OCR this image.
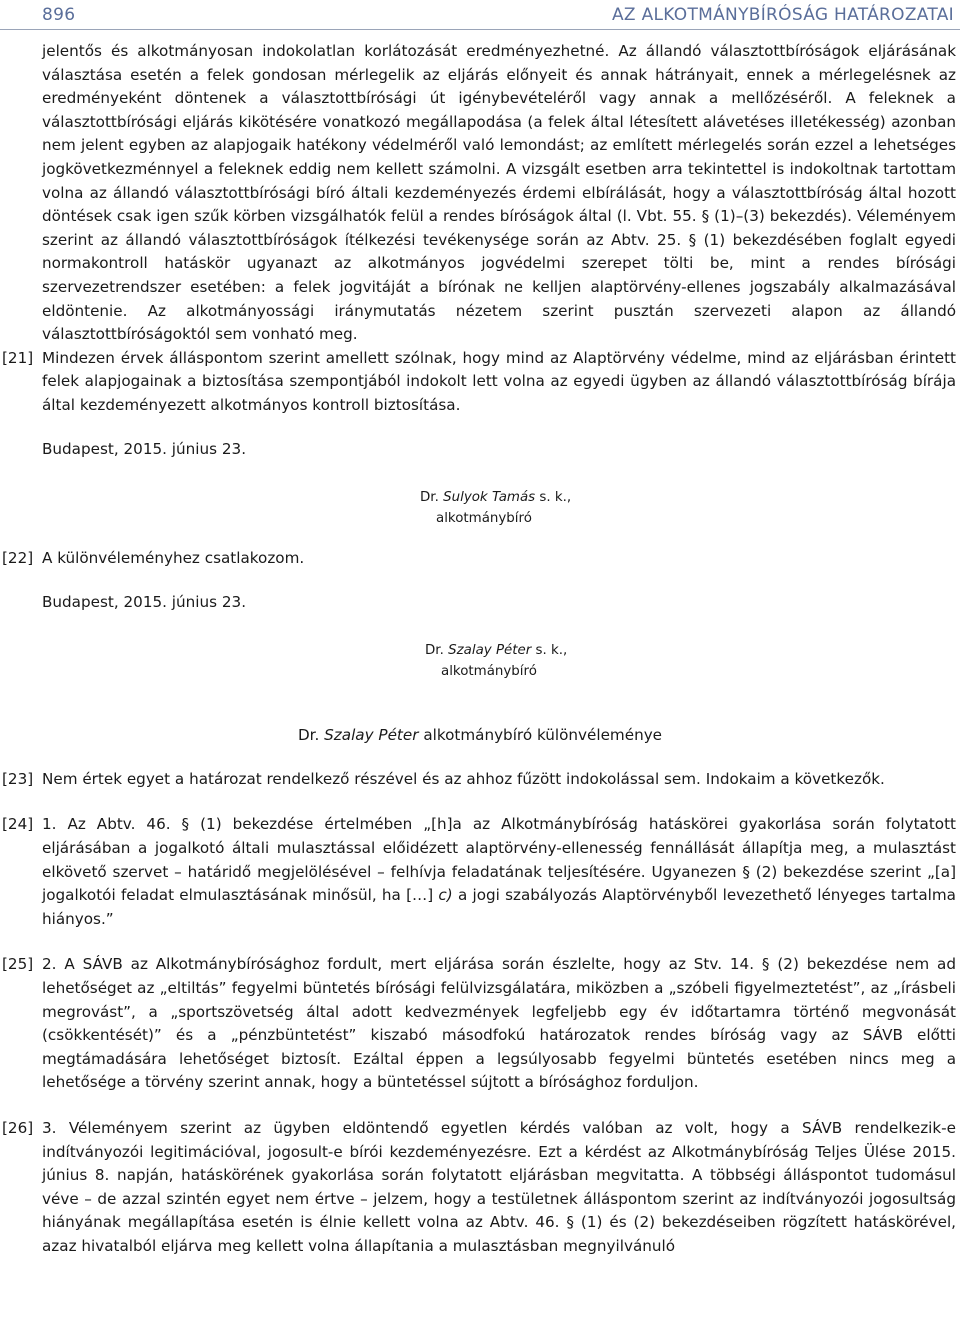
896	AZ ALKOTMÁNYBÍRÓSÁG HATÁROZATAI

jelentős és alkotmányosan indokolatlan korlátozását eredményezhetné. Az állandó választottbíróságok eljárásának választása esetén a felek gondosan mérlegelik az eljárás előnyeit és annak hátrányait, ennek a mérlegelésnek az eredményeként döntenek a választottbírósági út igénybevételéről vagy annak a mellőzéséről. A feleknek a választottbírósági eljárás kikötésére vonatkozó megállapodása (a felek által létesített alávetéses illetékesség) azonban nem jelent egyben az alapjogaik hatékony védelméről való lemondást; az említett mérlegelés során ezzel a lehetséges jogkövetkezménnyel a feleknek eddig nem kellett számolni. A vizsgált esetben arra tekintettel is indokoltnak tartottam volna az állandó választottbírósági bíró általi kezdeményezés érdemi elbírálását, hogy a választottbíróság által hozott döntések csak igen szűk körben vizsgálhatók felül a rendes bíróságok által (l. Vbt. 55. § (1)–(3) bekezdés). Véleményem szerint az állandó választottbíróságok ítélkezési tevékenysége során az Abtv. 25. § (1) bekezdésében foglalt egyedi normakontroll hatáskör ugyanazt az alkotmányos jogvédelmi szerepet tölti be, mint a rendes bírósági szervezetrendszer esetében: a felek jogvitáját a bírónak ne kelljen alaptörvény-ellenes jogszabály alkalmazásával eldöntenie. Az alkotmányossági iránymutatás nézetem szerint pusztán szervezeti alapon az állandó választottbíróságoktól sem vonható meg.

[21] Mindezen érvek álláspontom szerint amellett szólnak, hogy mind az Alaptörvény védelme, mind az eljárásban érintett felek alapjogainak a biztosítása szempontjából indokolt lett volna az egyedi ügyben az állandó választottbíróság bírája által kezdeményezett alkotmányos kontroll biztosítása.

Budapest, 2015. június 23.

Dr. Sulyok Tamás s. k.,
alkotmánybíró

[22] A különvéleményhez csatlakozom.

Budapest, 2015. június 23.

Dr. Szalay Péter s. k.,
alkotmánybíró

Dr. Szalay Péter alkotmánybíró különvéleménye

[23] Nem értek egyet a határozat rendelkező részével és az ahhoz fűzött indokolással sem. Indokaim a következők.

[24] 1. Az Abtv. 46. § (1) bekezdése értelmében „[h]a az Alkotmánybíróság hatáskörei gyakorlása során folytatott eljárásában a jogalkotó általi mulasztással előidézett alaptörvény-ellenesség fennállását állapítja meg, a mulasztást elkövető szervet – határidő megjelölésével – felhívja feladatának teljesítésére. Ugyanezen § (2) bekezdése szerint „[a] jogalkotói feladat elmulasztásának minősül, ha […] c) a jogi szabályozás Alaptörvényből levezethető lényeges tartalma hiányos.”

[25] 2. A SÁVB az Alkotmánybírósághoz fordult, mert eljárása során észlelte, hogy az Stv. 14. § (2) bekezdése nem ad lehetőséget az „eltiltás” fegyelmi büntetés bírósági felülvizsgálatára, miközben a „szóbeli figyelmeztetést”, az „írásbeli megrovást”, a „sportszövetség által adott kedvezmények legfeljebb egy év időtartamra történő megvonását (csökkentését)” és a „pénzbüntetést” kiszabó másodfokú határozatok rendes bíróság vagy az SÁVB előtti megtámadására lehetőséget biztosít. Ezáltal éppen a legsúlyosabb fegyelmi büntetés esetében nincs meg a lehetősége a törvény szerint annak, hogy a büntetéssel sújtott a bírósághoz forduljon.

[26] 3. Véleményem szerint az ügyben eldöntendő egyetlen kérdés valóban az volt, hogy a SÁVB rendelkezik-e indítványozói legitimációval, jogosult-e bírói kezdeményezésre. Ezt a kérdést az Alkotmánybíróság Teljes Ülése 2015. június 8. napján, hatáskörének gyakorlása során folytatott eljárásban megvitatta. A többségi álláspontot tudomásul véve – de azzal szintén egyet nem értve – jelzem, hogy a testületnek álláspontom szerint az indítványozói jogosultság hiányának megállapítása esetén is élnie kellett volna az Abtv. 46. § (1) és (2) bekezdéseiben rögzített hatáskörével, azaz hivatalból eljárva meg kellett volna állapítania a mulasztásban megnyilvánuló
